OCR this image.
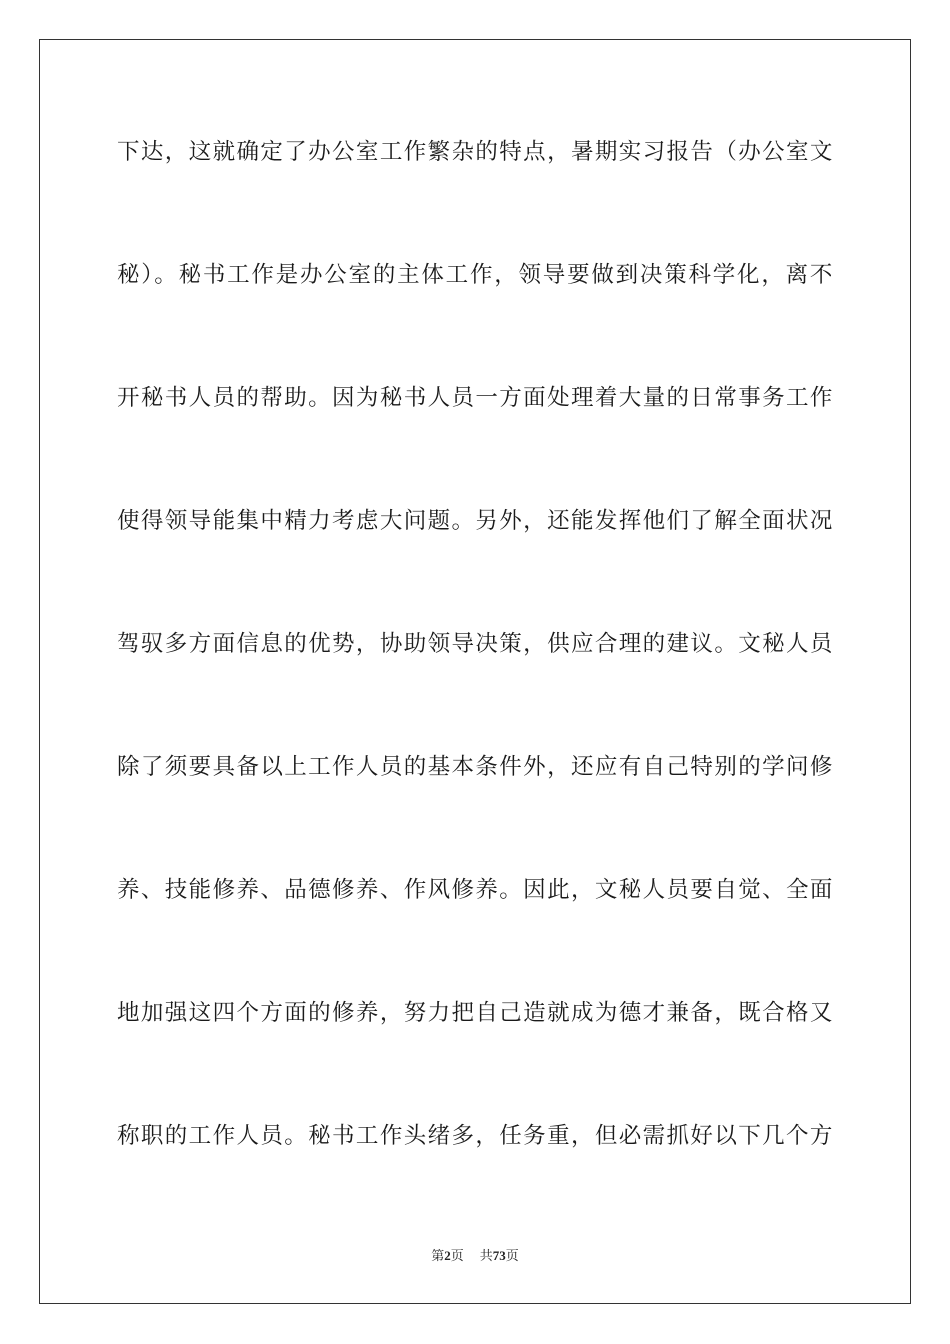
下达，这就确定了办公室工作繁杂的特点，暑期实习报告（办公室文
秘）。秘书工作是办公室的主体工作，领导要做到决策科学化，离不
开秘书人员的帮助。因为秘书人员一方面处理着大量的日常事务工作
使得领导能集中精力考虑大问题。另外，还能发挥他们了解全面状况
驾驭多方面信息的优势，协助领导决策，供应合理的建议。文秘人员
除了须要具备以上工作人员的基本条件外，还应有自己特别的学问修
养、技能修养、品德修养、作风修养。因此，文秘人员要自觉、全面
地加强这四个方面的修养，努力把自己造就成为德才兼备，既合格又
称职的工作人员。秘书工作头绪多，任务重，但必需抓好以下几个方
第2页 共73页
